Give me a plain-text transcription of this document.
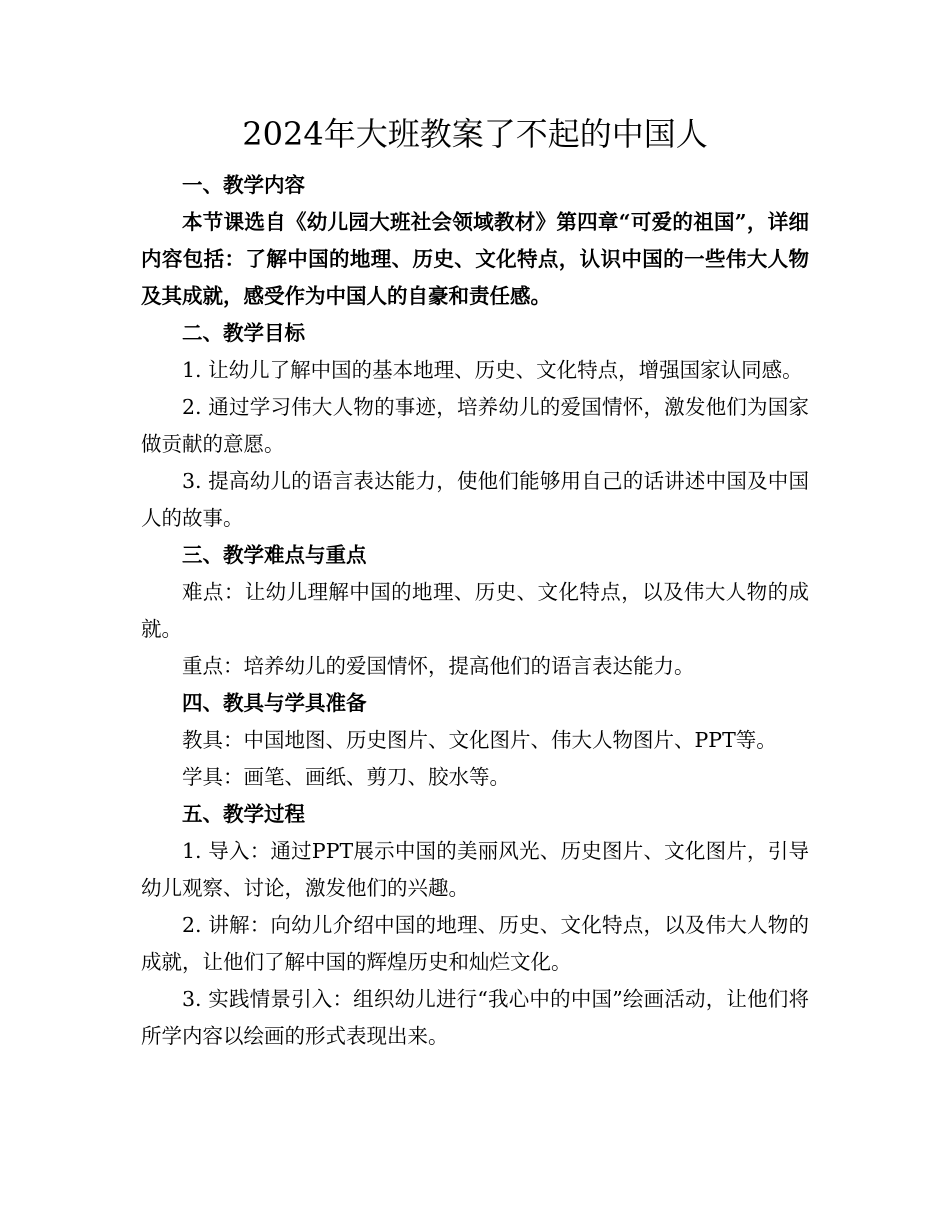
2024年大班教案了不起的中国人

一、教学内容

本节课选自《幼儿园大班社会领域教材》第四章“可爱的祖国”，详细内容包括：了解中国的地理、历史、文化特点，认识中国的一些伟大人物及其成就，感受作为中国人的自豪和责任感。

二、教学目标

1. 让幼儿了解中国的基本地理、历史、文化特点，增强国家认同感。

2. 通过学习伟大人物的事迹，培养幼儿的爱国情怀，激发他们为国家做贡献的意愿。

3. 提高幼儿的语言表达能力，使他们能够用自己的话讲述中国及中国人的故事。

三、教学难点与重点

难点：让幼儿理解中国的地理、历史、文化特点，以及伟大人物的成就。

重点：培养幼儿的爱国情怀，提高他们的语言表达能力。

四、教具与学具准备

教具：中国地图、历史图片、文化图片、伟大人物图片、PPT等。

学具：画笔、画纸、剪刀、胶水等。

五、教学过程

1. 导入：通过PPT展示中国的美丽风光、历史图片、文化图片，引导幼儿观察、讨论，激发他们的兴趣。

2. 讲解：向幼儿介绍中国的地理、历史、文化特点，以及伟大人物的成就，让他们了解中国的辉煌历史和灿烂文化。

3. 实践情景引入：组织幼儿进行“我心中的中国”绘画活动，让他们将所学内容以绘画的形式表现出来。
